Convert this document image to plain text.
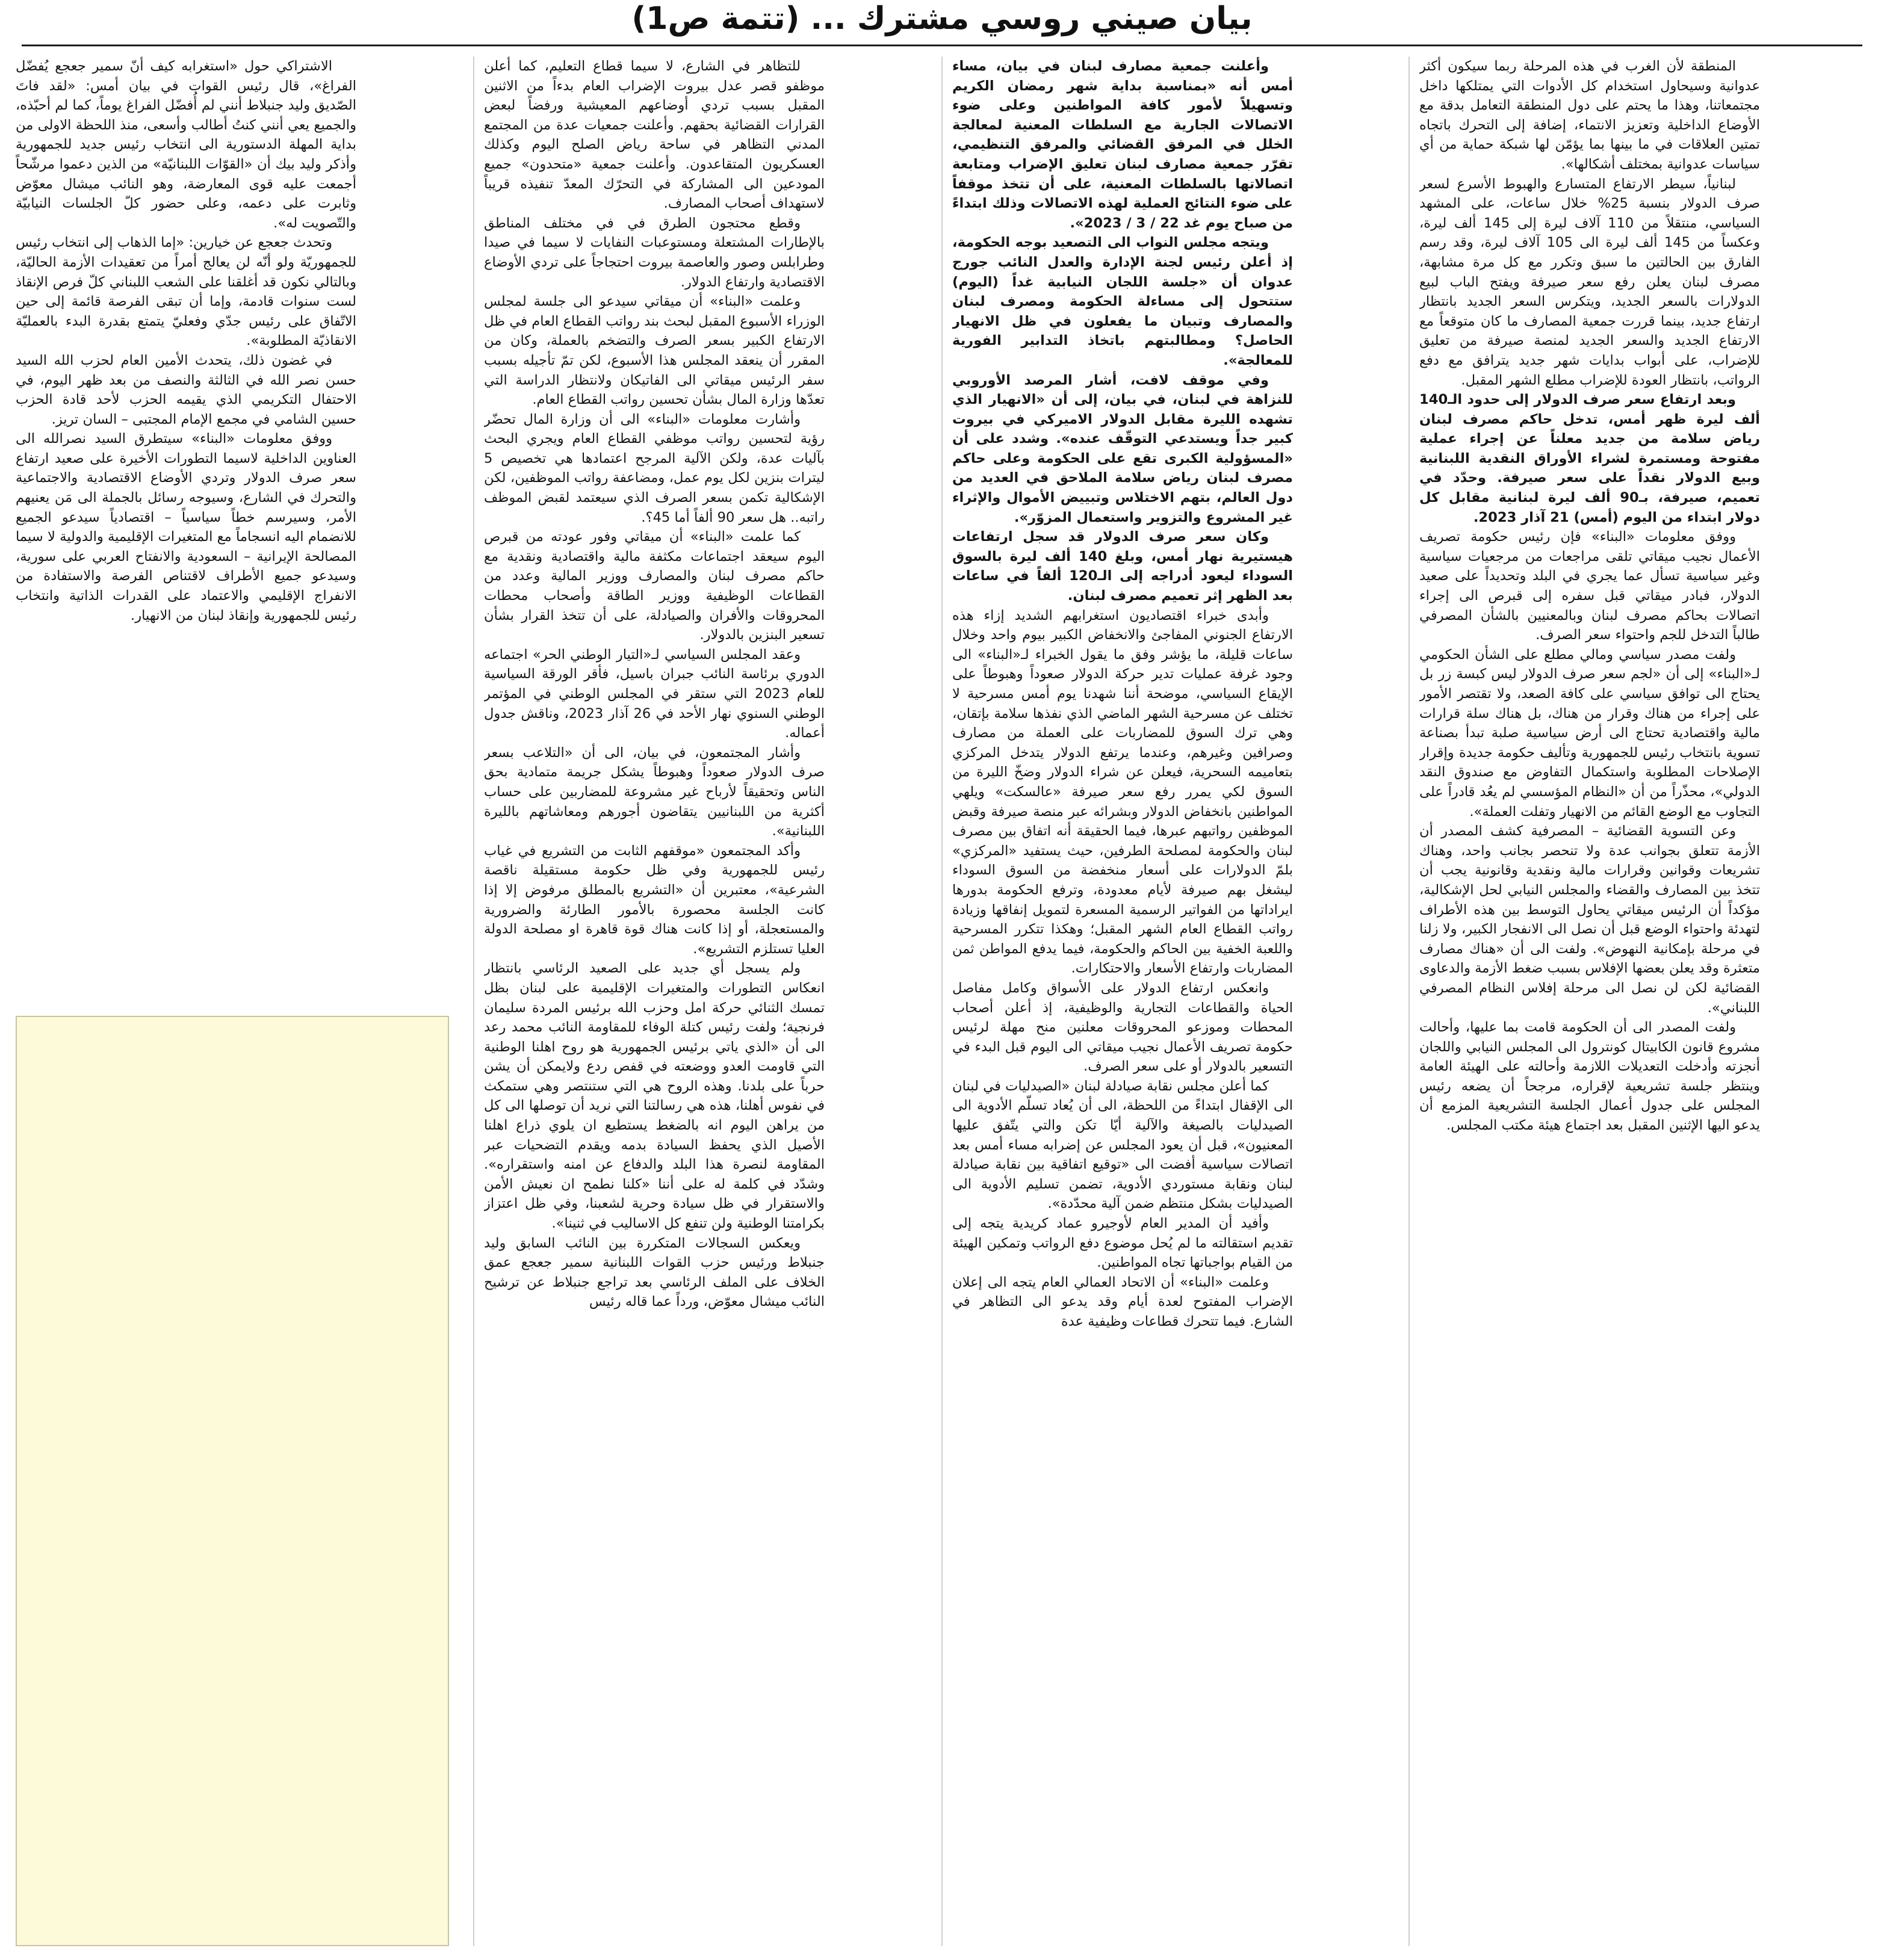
بيان صيني روسي مشترك ... (تتمة ص1)

المنطقة لأن الغرب في هذه المرحلة ربما سيكون أكثر عدوانية وسيحاول استخدام كل الأدوات التي يمتلكها داخل مجتمعاتنا، وهذا ما يحتم على دول المنطقة التعامل بدقة مع الأوضاع الداخلية وتعزيز الانتماء، إضافة إلى التحرك باتجاه تمتين العلاقات في ما بينها بما يؤمّن لها شبكة حماية من أي سياسات عدوانية بمختلف أشكالها».

لبنانياً، سيطر الارتفاع المتسارع والهبوط الأسرع لسعر صرف الدولار بنسبة 25% خلال ساعات، على المشهد السياسي، منتقلاً من 110 آلاف ليرة إلى 145 ألف ليرة، وعكساً من 145 ألف ليرة الى 105 آلاف ليرة، وقد رسم الفارق بين الحالتين ما سبق وتكرر مع كل مرة مشابهة، مصرف لبنان يعلن رفع سعر صيرفة ويفتح الباب لبيع الدولارات بالسعر الجديد، ويتكرس السعر الجديد بانتظار ارتفاع جديد، بينما قررت جمعية المصارف ما كان متوقعاً مع الارتفاع الجديد والسعر الجديد لمنصة صيرفة من تعليق للإضراب، على أبواب بدايات شهر جديد يترافق مع دفع الرواتب، بانتظار العودة للإضراب مطلع الشهر المقبل.

وبعد ارتفاع سعر صرف الدولار إلى حدود الـ140 ألف ليرة ظهر أمس، تدخل حاكم مصرف لبنان رياض سلامة من جديد معلناً عن إجراء عملية مفتوحة ومستمرة لشراء الأوراق النقدية اللبنانية وبيع الدولار نقداً على سعر صيرفة. وحدّد في تعميم، صيرفة، بـ90 ألف ليرة لبنانية مقابل كل دولار ابتداء من اليوم (أمس) 21 آذار 2023.

ووفق معلومات «البناء» فإن رئيس حكومة تصريف الأعمال نجيب ميقاتي تلقى مراجعات من مرجعيات سياسية وغير سياسية تسأل عما يجري في البلد وتحديداً على صعيد الدولار، فبادر ميقاتي قبل سفره إلى قبرص الى إجراء اتصالات بحاكم مصرف لبنان وبالمعنيين بالشأن المصرفي طالباً التدخل للجم واحتواء سعر الصرف.

ولفت مصدر سياسي ومالي مطلع على الشأن الحكومي لـ«البناء» إلى أن «لجم سعر صرف الدولار ليس كبسة زر بل يحتاج الى توافق سياسي على كافة الصعد، ولا تقتصر الأمور على إجراء من هناك وقرار من هناك، بل هناك سلة قرارات مالية واقتصادية تحتاج الى أرض سياسية صلبة تبدأ بصناعة تسوية بانتخاب رئيس للجمهورية وتأليف حكومة جديدة وإقرار الإصلاحات المطلوبة واستكمال التفاوض مع صندوق النقد الدولي»، محذّراً من أن «النظام المؤسسي لم يعُد قادراً على التجاوب مع الوضع القائم من الانهيار وتفلت العملة».

وعن التسوية القضائية – المصرفية كشف المصدر أن الأزمة تتعلق بجوانب عدة ولا تنحصر بجانب واحد، وهناك تشريعات وقوانين وقرارات مالية ونقدية وقانونية يجب أن تتخذ بين المصارف والقضاء والمجلس النيابي لحل الإشكالية، مؤكداً أن الرئيس ميقاتي يحاول التوسط بين هذه الأطراف لتهدئة واحتواء الوضع قبل أن نصل الى الانفجار الكبير، ولا زلنا في مرحلة بإمكانية النهوض». ولفت الى أن «هناك مصارف متعثرة وقد يعلن بعضها الإفلاس بسبب ضغط الأزمة والدعاوى القضائية لكن لن نصل الى مرحلة إفلاس النظام المصرفي اللبناني».

ولفت المصدر الى أن الحكومة قامت بما عليها، وأحالت مشروع قانون الكابيتال كونترول الى المجلس النيابي واللجان أنجزته وأدخلت التعديلات اللازمة وأحالته على الهيئة العامة وينتظر جلسة تشريعية لإقراره، مرجحاً أن يضعه رئيس المجلس على جدول أعمال الجلسة التشريعية المزمع أن يدعو اليها الإثنين المقبل بعد اجتماع هيئة مكتب المجلس.

وأعلنت جمعية مصارف لبنان في بيان، مساء أمس أنه «بمناسبة بداية شهر رمضان الكريم وتسهيلاً لأمور كافة المواطنين وعلى ضوء الاتصالات الجارية مع السلطات المعنية لمعالجة الخلل في المرفق القضائي والمرفق التنظيمي، تقرّر جمعية مصارف لبنان تعليق الإضراب ومتابعة اتصالاتها بالسلطات المعنية، على أن تتخذ موقفاً على ضوء النتائج العملية لهذه الاتصالات وذلك ابتداءً من صباح يوم غد 22 / 3 / 2023».

ويتجه مجلس النواب الى التصعيد بوجه الحكومة، إذ أعلن رئيس لجنة الإدارة والعدل النائب جورج عدوان أن «جلسة اللجان النيابية غداً (اليوم) ستتحول إلى مساءلة الحكومة ومصرف لبنان والمصارف وتبيان ما يفعلون في ظل الانهيار الحاصل؟ ومطالبتهم باتخاذ التدابير الفورية للمعالجة».

وفي موقف لافت، أشار المرصد الأوروبي للنزاهة في لبنان، في بيان، إلى أن «الانهيار الذي تشهده الليرة مقابل الدولار الاميركي في بيروت كبير جداً ويستدعي التوقّف عنده». وشدد على أن «المسؤولية الكبرى تقع على الحكومة وعلى حاكم مصرف لبنان رياض سلامة الملاحق في العديد من دول العالم، بتهم الاختلاس وتبييض الأموال والإثراء غير المشروع والتزوير واستعمال المزوّر».

وكان سعر صرف الدولار قد سجل ارتفاعات هيستيرية نهار أمس، وبلغ 140 ألف ليرة بالسوق السوداء ليعود أدراجه إلى الـ120 ألفاً في ساعات بعد الظهر إثر تعميم مصرف لبنان.

وأبدى خبراء اقتصاديون استغرابهم الشديد إزاء هذه الارتفاع الجنوني المفاجئ والانخفاض الكبير بيوم واحد وخلال ساعات قليلة، ما يؤشر وفق ما يقول الخبراء لـ«البناء» الى وجود غرفة عمليات تدير حركة الدولار صعوداً وهبوطاً على الإيقاع السياسي، موضحة أننا شهدنا يوم أمس مسرحية لا تختلف عن مسرحية الشهر الماضي الذي نفذها سلامة بإتقان، وهي ترك السوق للمضاربات على العملة من مصارف وصرافين وغيرهم، وعندما يرتفع الدولار يتدخل المركزي بتعاميمه السحرية، فيعلن عن شراء الدولار وضخّ الليرة من السوق لكي يمرر رفع سعر صيرفة «عالسكت» ويلهي المواطنين بانخفاض الدولار وبشرائه عبر منصة صيرفة وقبض الموظفين رواتبهم عبرها، فيما الحقيقة أنه اتفاق بين مصرف لبنان والحكومة لمصلحة الطرفين، حيث يستفيد «المركزي» بلمّ الدولارات على أسعار منخفضة من السوق السوداء ليشغل بهم صيرفة لأيام معدودة، وترفع الحكومة بدورها ايراداتها من الفواتير الرسمية المسعرة لتمويل إنفاقها وزيادة رواتب القطاع العام الشهر المقبل؛ وهكذا تتكرر المسرحية واللعبة الخفية بين الحاكم والحكومة، فيما يدفع المواطن ثمن المضاربات وارتفاع الأسعار والاحتكارات.

وانعكس ارتفاع الدولار على الأسواق وكامل مفاصل الحياة والقطاعات التجارية والوظيفية، إذ أعلن أصحاب المحطات وموزعو المحروقات معلنين منح مهلة لرئيس حكومة تصريف الأعمال نجيب ميقاتي الى اليوم قبل البدء في التسعير بالدولار أو على سعر الصرف.

كما أعلن مجلس نقابة صيادلة لبنان «الصيدليات في لبنان الى الإقفال ابتداءً من اللحظة، الى أن يُعاد تسلّم الأدوية الى الصيدليات بالصيغة والآلية أيّا تكن والتي يتّفق عليها المعنيون»، قبل أن يعود المجلس عن إضرابه مساء أمس بعد اتصالات سياسية أفضت الى «توقيع اتفاقية بين نقابة صيادلة لبنان ونقابة مستوردي الأدوية، تضمن تسليم الأدوية الى الصيدليات بشكل منتظم ضمن آلية محدّدة».

وأفيد أن المدير العام لأوجيرو عماد كريدية يتجه إلى تقديم استقالته ما لم يُحل موضوع دفع الرواتب وتمكين الهيئة من القيام بواجباتها تجاه المواطنين.

وعلمت «البناء» أن الاتحاد العمالي العام يتجه الى إعلان الإضراب المفتوح لعدة أيام وقد يدعو الى التظاهر في الشارع. فيما تتحرك قطاعات وظيفية عدة

للتظاهر في الشارع، لا سيما قطاع التعليم، كما أعلن موظفو قصر عدل بيروت الإضراب العام بدءاً من الاثنين المقبل بسبب تردي أوضاعهم المعيشية ورفضاً لبعض القرارات القضائية بحقهم. وأعلنت جمعيات عدة من المجتمع المدني التظاهر في ساحة رياض الصلح اليوم وكذلك العسكريون المتقاعدون. وأعلنت جمعية «متحدون» جميع المودعين الى المشاركة في التحرّك المعدّ تنفيذه قريباً لاستهداف أصحاب المصارف.

وقطع محتجون الطرق في في مختلف المناطق بالإطارات المشتعلة ومستوعبات النفايات لا سيما في صيدا وطرابلس وصور والعاصمة بيروت احتجاجاً على تردي الأوضاع الاقتصادية وارتفاع الدولار.

وعلمت «البناء» أن ميقاتي سيدعو الى جلسة لمجلس الوزراء الأسبوع المقبل لبحث بند رواتب القطاع العام في ظل الارتفاع الكبير بسعر الصرف والتضخم بالعملة، وكان من المقرر أن ينعقد المجلس هذا الأسبوع، لكن تمّ تأجيله بسبب سفر الرئيس ميقاتي الى الفاتيكان ولانتظار الدراسة التي تعدّها وزارة المال بشأن تحسين رواتب القطاع العام.

وأشارت معلومات «البناء» الى أن وزارة المال تحضّر رؤية لتحسين رواتب موظفي القطاع العام ويجري البحث بآليات عدة، ولكن الآلية المرجح اعتمادها هي تخصيص 5 ليترات بنزين لكل يوم عمل، ومضاعفة رواتب الموظفين، لكن الإشكالية تكمن بسعر الصرف الذي سيعتمد لقبض الموظف راتبه.. هل سعر 90 ألفاً أما 45؟.

كما علمت «البناء» أن ميقاتي وفور عودته من قبرص اليوم سيعقد اجتماعات مكثفة مالية واقتصادية ونقدية مع حاكم مصرف لبنان والمصارف ووزير المالية وعدد من القطاعات الوظيفية ووزير الطاقة وأصحاب محطات المحروقات والأفران والصيادلة، على أن تتخذ القرار بشأن تسعير البنزين بالدولار.

وعقد المجلس السياسي لـ«التيار الوطني الحر» اجتماعه الدوري برئاسة النائب جبران باسيل، فأقر الورقة السياسية للعام 2023 التي ستقر في المجلس الوطني في المؤتمر الوطني السنوي نهار الأحد في 26 آذار 2023، وناقش جدول أعماله.

وأشار المجتمعون، في بيان، الى أن «التلاعب بسعر صرف الدولار صعوداً وهبوطاً يشكل جريمة متمادية بحق الناس وتحقيقاً لأرباح غير مشروعة للمضاربين على حساب أكثرية من اللبنانيين يتقاضون أجورهم ومعاشاتهم بالليرة اللبنانية».

وأكد المجتمعون «موقفهم الثابت من التشريع في غياب رئيس للجمهورية وفي ظل حكومة مستقيلة ناقصة الشرعية»، معتبرين أن «التشريع بالمطلق مرفوض إلا إذا كانت الجلسة محصورة بالأمور الطارئة والضرورية والمستعجلة، أو إذا كانت هناك قوة قاهرة او مصلحة الدولة العليا تستلزم التشريع».

ولم يسجل أي جديد على الصعيد الرئاسي بانتظار انعكاس التطورات والمتغيرات الإقليمية على لبنان بظل تمسك الثنائي حركة امل وحزب الله برئيس المردة سليمان فرنجية؛ ولفت رئيس كتلة الوفاء للمقاومة النائب محمد رعد الى أن «الذي ياتي برئيس الجمهورية هو روح اهلنا الوطنية التي قاومت العدو ووضعته في قفص ردع ولايمكن أن يشن حرباً على بلدنا. وهذه الروح هي التي ستنتصر وهي ستمكث في نفوس أهلنا، هذه هي رسالتنا التي نريد أن توصلها الى كل من يراهن اليوم انه بالضغط يستطيع ان يلوي ذراع اهلنا الأصيل الذي يحفظ السيادة بدمه ويقدم التضحيات عبر المقاومة لنصرة هذا البلد والدفاع عن امنه واستقراره». وشدّد في كلمة له على أننا «كلنا نطمح ان نعيش الأمن والاستقرار في ظل سيادة وحرية لشعبنا، وفي ظل اعتزاز بكرامتنا الوطنية ولن تنفع كل الاساليب في ثنينا».

ويعكس السجالات المتكررة بين النائب السابق وليد جنبلاط ورئيس حزب القوات اللبنانية سمير جعجع عمق الخلاف على الملف الرئاسي بعد تراجع جنبلاط عن ترشيح النائب ميشال معوّض، ورداً عما قاله رئيس

الاشتراكي حول «استغرابه كيف أنّ سمير جعجع يُفضّل الفراغ»، قال رئيس القوات في بيان أمس: «لقد فاتَ الصّديق وليد جنبلاط أنني لم أُفضّل الفراغ يوماً، كما لم أحبّذه، والجميع يعي أنني كنتُ أطالب وأسعى، منذ اللحظة الاولى من بداية المهلة الدستورية الى انتخاب رئيس جديد للجمهورية وأذكر وليد بيك أن «القوّات اللبنانيّة» من الذين دعموا مرشّحاً أجمعت عليه قوى المعارضة، وهو النائب ميشال معوّض وثابرت على دعمه، وعلى حضور كلّ الجلسات النيابيّة والتّصويت له».

وتحدث جعجع عن خيارين: «إما الذهاب إلى انتخاب رئيس للجمهوريّة ولو أنّه لن يعالج أمراً من تعقيدات الأزمة الحاليّة، وبالتالي نكون قد أغلقنا على الشعب اللبناني كلّ فرص الإنقاذ لست سنوات قادمة، وإما أن تبقى الفرصة قائمة إلى حين الاتّفاق على رئيس جدّي وفعليّ يتمتع بقدرة البدء بالعمليّة الانقاذيّة المطلوبة».

في غضون ذلك، يتحدث الأمين العام لحزب الله السيد حسن نصر الله في الثالثة والنصف من بعد ظهر اليوم، في الاحتفال التكريمي الذي يقيمه الحزب لأحد قادة الحزب حسين الشامي في مجمع الإمام المجتبى – السان تريز.

ووفق معلومات «البناء» سيتطرق السيد نصرالله الى العناوين الداخلية لاسيما التطورات الأخيرة على صعيد ارتفاع سعر صرف الدولار وتردي الأوضاع الاقتصادية والاجتماعية والتحرك في الشارع، وسيوجه رسائل بالجملة الى مَن يعنيهم الأمر، وسيرسم خطاً سياسياً – اقتصادياً سيدعو الجميع للانضمام اليه انسجاماً مع المتغيرات الإقليمية والدولية لا سيما المصالحة الإيرانية – السعودية والانفتاح العربي على سورية، وسيدعو جميع الأطراف لاقتناص الفرصة والاستفادة من الانفراج الإقليمي والاعتماد على القدرات الذاتية وانتخاب رئيس للجمهورية وإنقاذ لبنان من الانهيار.
